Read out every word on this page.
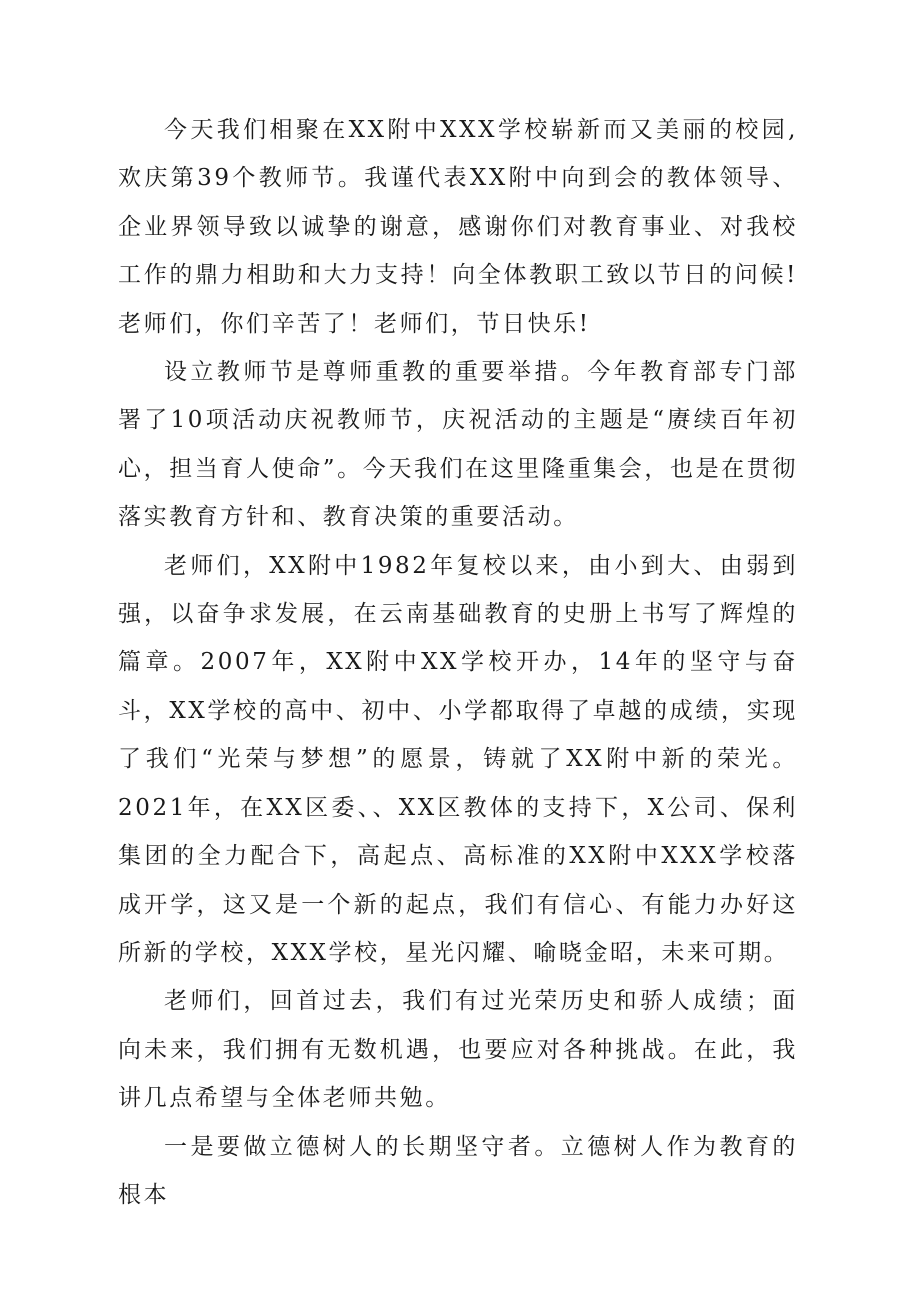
今天我们相聚在XX附中XXX学校崭新而又美丽的校园,欢庆第39个教师节。我谨代表XX附中向到会的教体领导、企业界领导致以诚挚的谢意，感谢你们对教育事业、对我校工作的鼎力相助和大力支持！向全体教职工致以节日的问候!老师们，你们辛苦了！老师们，节日快乐!

设立教师节是尊师重教的重要举措。今年教育部专门部署了10项活动庆祝教师节，庆祝活动的主题是“赓续百年初心，担当育人使命”。今天我们在这里隆重集会，也是在贯彻落实教育方针和、教育决策的重要活动。

老师们，XX附中1982年复校以来，由小到大、由弱到强，以奋争求发展，在云南基础教育的史册上书写了辉煌的篇章。2007年，XX附中XX学校开办，14年的坚守与奋斗，XX学校的高中、初中、小学都取得了卓越的成绩，实现了我们“光荣与梦想”的愿景，铸就了XX附中新的荣光。2021年，在XX区委、、XX区教体的支持下，X公司、保利集团的全力配合下，高起点、高标准的XX附中XXX学校落成开学，这又是一个新的起点，我们有信心、有能力办好这所新的学校，XXX学校，星光闪耀、喻晓金昭，未来可期。

老师们，回首过去，我们有过光荣历史和骄人成绩；面向未来，我们拥有无数机遇，也要应对各种挑战。在此，我讲几点希望与全体老师共勉。

一是要做立德树人的长期坚守者。立德树人作为教育的根本
